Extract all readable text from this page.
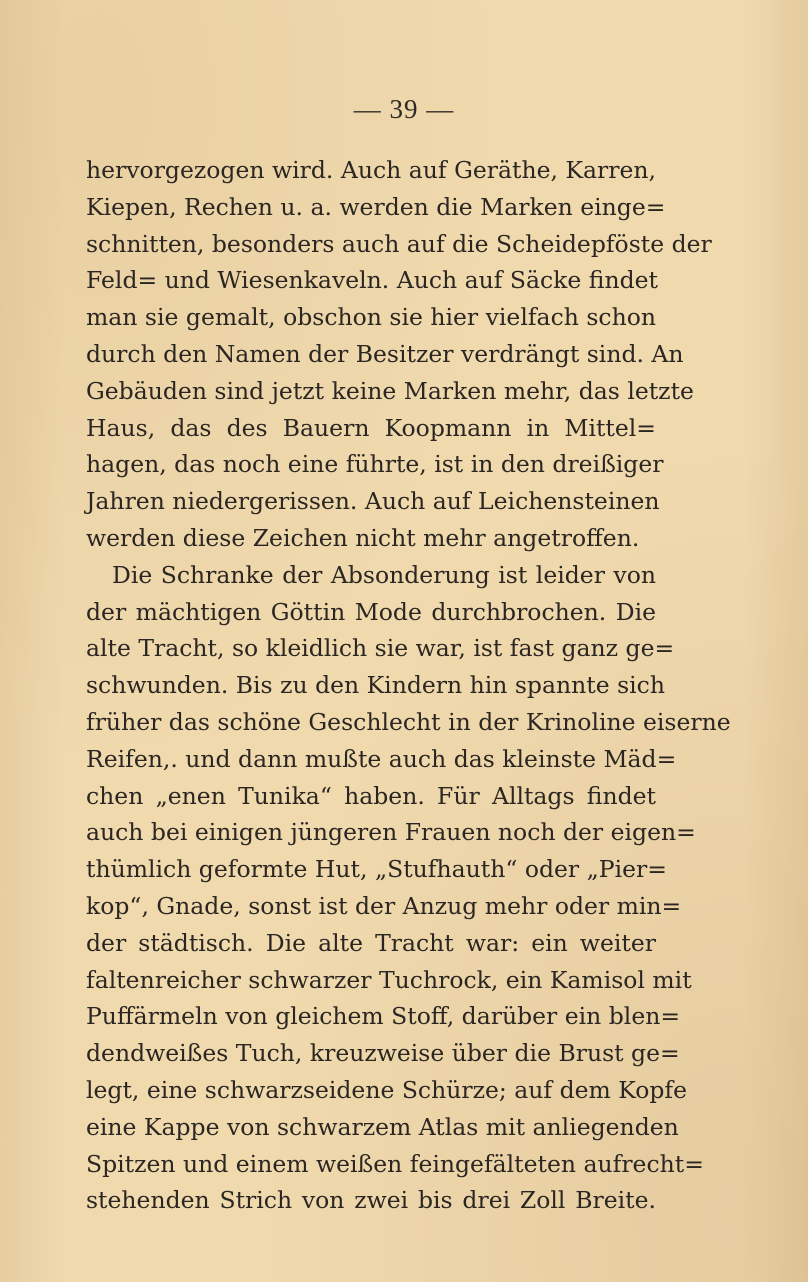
— 39 —
hervorgezogen wird. Auch auf Geräthe, Karren,
Kiepen, Rechen u. a. werden die Marken einge=
schnitten, besonders auch auf die Scheidepföste der
Feld= und Wiesenkaveln. Auch auf Säcke findet
man sie gemalt, obschon sie hier vielfach schon
durch den Namen der Besitzer verdrängt sind. An
Gebäuden sind jetzt keine Marken mehr, das letzte
Haus, das des Bauern Koopmann in Mittel=
hagen, das noch eine führte, ist in den dreißiger
Jahren niedergerissen. Auch auf Leichensteinen
werden diese Zeichen nicht mehr angetroffen.
Die Schranke der Absonderung ist leider von
der mächtigen Göttin Mode durchbrochen. Die
alte Tracht, so kleidlich sie war, ist fast ganz ge=
schwunden. Bis zu den Kindern hin spannte sich
früher das schöne Geschlecht in der Krinoline eiserne
Reifen,. und dann mußte auch das kleinste Mäd=
chen „enen Tunika“ haben. Für Alltags findet
auch bei einigen jüngeren Frauen noch der eigen=
thümlich geformte Hut, „Stufhauth“ oder „Pier=
kop“, Gnade, sonst ist der Anzug mehr oder min=
der städtisch. Die alte Tracht war: ein weiter
faltenreicher schwarzer Tuchrock, ein Kamisol mit
Puffärmeln von gleichem Stoff, darüber ein blen=
dendweißes Tuch, kreuzweise über die Brust ge=
legt, eine schwarzseidene Schürze; auf dem Kopfe
eine Kappe von schwarzem Atlas mit anliegenden
Spitzen und einem weißen feingefälteten aufrecht=
stehenden Strich von zwei bis drei Zoll Breite.
